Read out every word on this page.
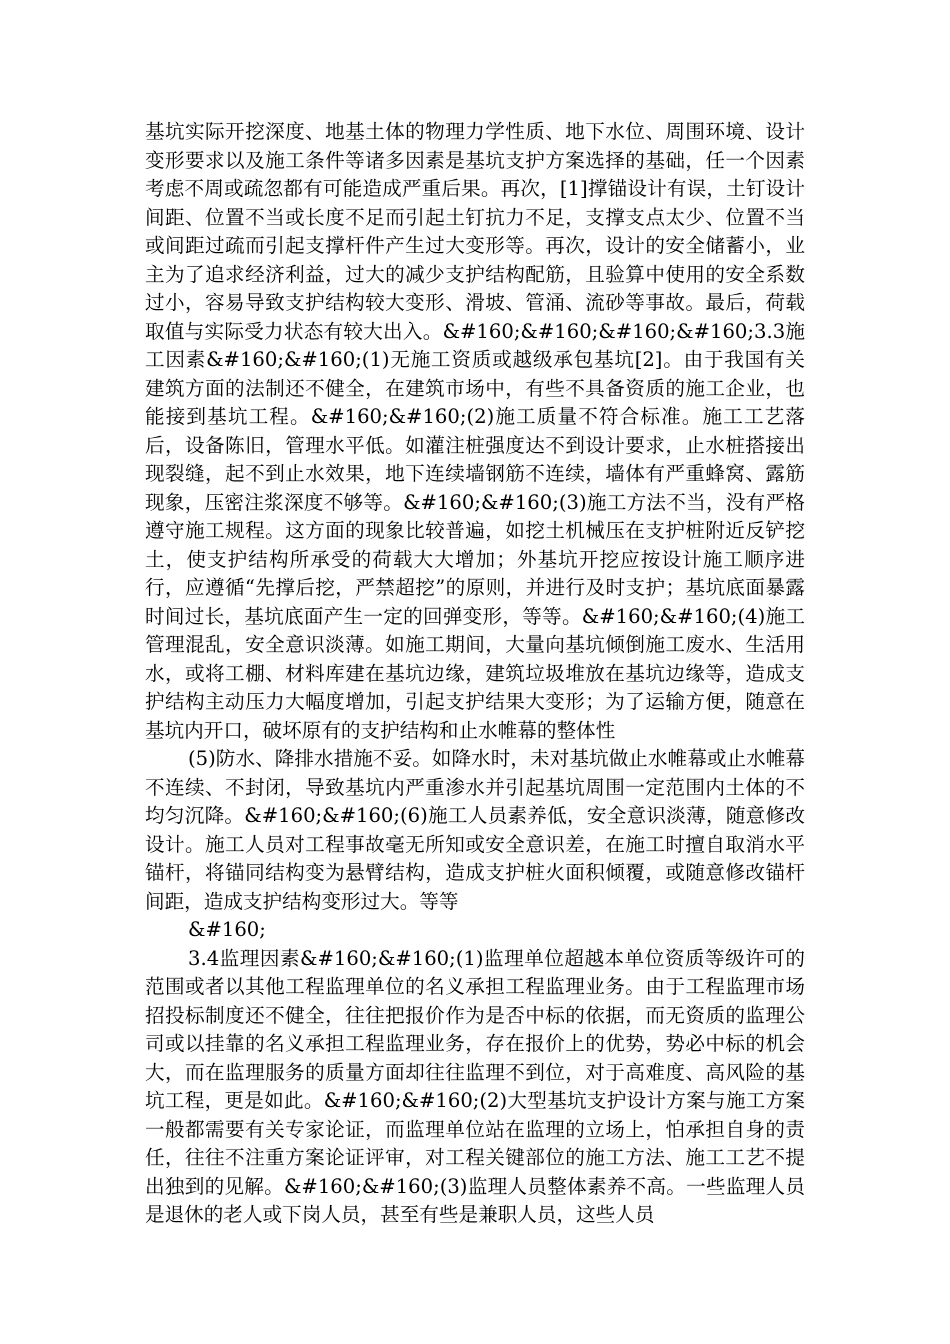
基坑实际开挖深度、地基土体的物理力学性质、地下水位、周围环境、设计变形要求以及施工条件等诸多因素是基坑支护方案选择的基础，任一个因素考虑不周或疏忽都有可能造成严重后果。再次，[1]撑锚设计有误，土钉设计间距、位置不当或长度不足而引起土钉抗力不足，支撑支点太少、位置不当或间距过疏而引起支撑杆件产生过大变形等。再次，设计的安全储蓄小，业主为了追求经济利益，过大的减少支护结构配筋，且验算中使用的安全系数过小，容易导致支护结构较大变形、滑坡、管涌、流砂等事故。最后，荷载取值与实际受力状态有较大出入。&#160;&#160;&#160;&#160;3.3施工因素&#160;&#160;(1)无施工资质或越级承包基坑[2]。由于我国有关建筑方面的法制还不健全，在建筑市场中，有些不具备资质的施工企业，也能接到基坑工程。&#160;&#160;(2)施工质量不符合标准。施工工艺落后，设备陈旧，管理水平低。如灌注桩强度达不到设计要求，止水桩搭接出现裂缝，起不到止水效果，地下连续墙钢筋不连续，墙体有严重蜂窝、露筋现象，压密注浆深度不够等。&#160;&#160;(3)施工方法不当，没有严格遵守施工规程。这方面的现象比较普遍，如挖土机械压在支护桩附近反铲挖土，使支护结构所承受的荷载大大增加；外基坑开挖应按设计施工顺序进行，应遵循“先撑后挖，严禁超挖”的原则，并进行及时支护；基坑底面暴露时间过长，基坑底面产生一定的回弹变形，等等。&#160;&#160;(4)施工管理混乱，安全意识淡薄。如施工期间，大量向基坑倾倒施工废水、生活用水，或将工棚、材料库建在基坑边缘，建筑垃圾堆放在基坑边缘等，造成支护结构主动压力大幅度增加，引起支护结果大变形；为了运输方便，随意在基坑内开口，破坏原有的支护结构和止水帷幕的整体性

(5)防水、降排水措施不妥。如降水时，未对基坑做止水帷幕或止水帷幕不连续、不封闭，导致基坑内严重渗水并引起基坑周围一定范围内土体的不均匀沉降。&#160;&#160;(6)施工人员素养低，安全意识淡薄，随意修改设计。施工人员对工程事故毫无所知或安全意识差，在施工时擅自取消水平锚杆，将锚同结构变为悬臂结构，造成支护桩火面积倾覆，或随意修改锚杆间距，造成支护结构变形过大。等等

&#160;

3.4监理因素&#160;&#160;(1)监理单位超越本单位资质等级许可的范围或者以其他工程监理单位的名义承担工程监理业务。由于工程监理市场招投标制度还不健全，往往把报价作为是否中标的依据，而无资质的监理公司或以挂靠的名义承担工程监理业务，存在报价上的优势，势必中标的机会大，而在监理服务的质量方面却往往监理不到位，对于高难度、高风险的基坑工程，更是如此。&#160;&#160;(2)大型基坑支护设计方案与施工方案一般都需要有关专家论证，而监理单位站在监理的立场上，怕承担自身的责任，往往不注重方案论证评审，对工程关键部位的施工方法、施工工艺不提出独到的见解。&#160;&#160;(3)监理人员整体素养不高。一些监理人员是退休的老人或下岗人员，甚至有些是兼职人员，这些人员
